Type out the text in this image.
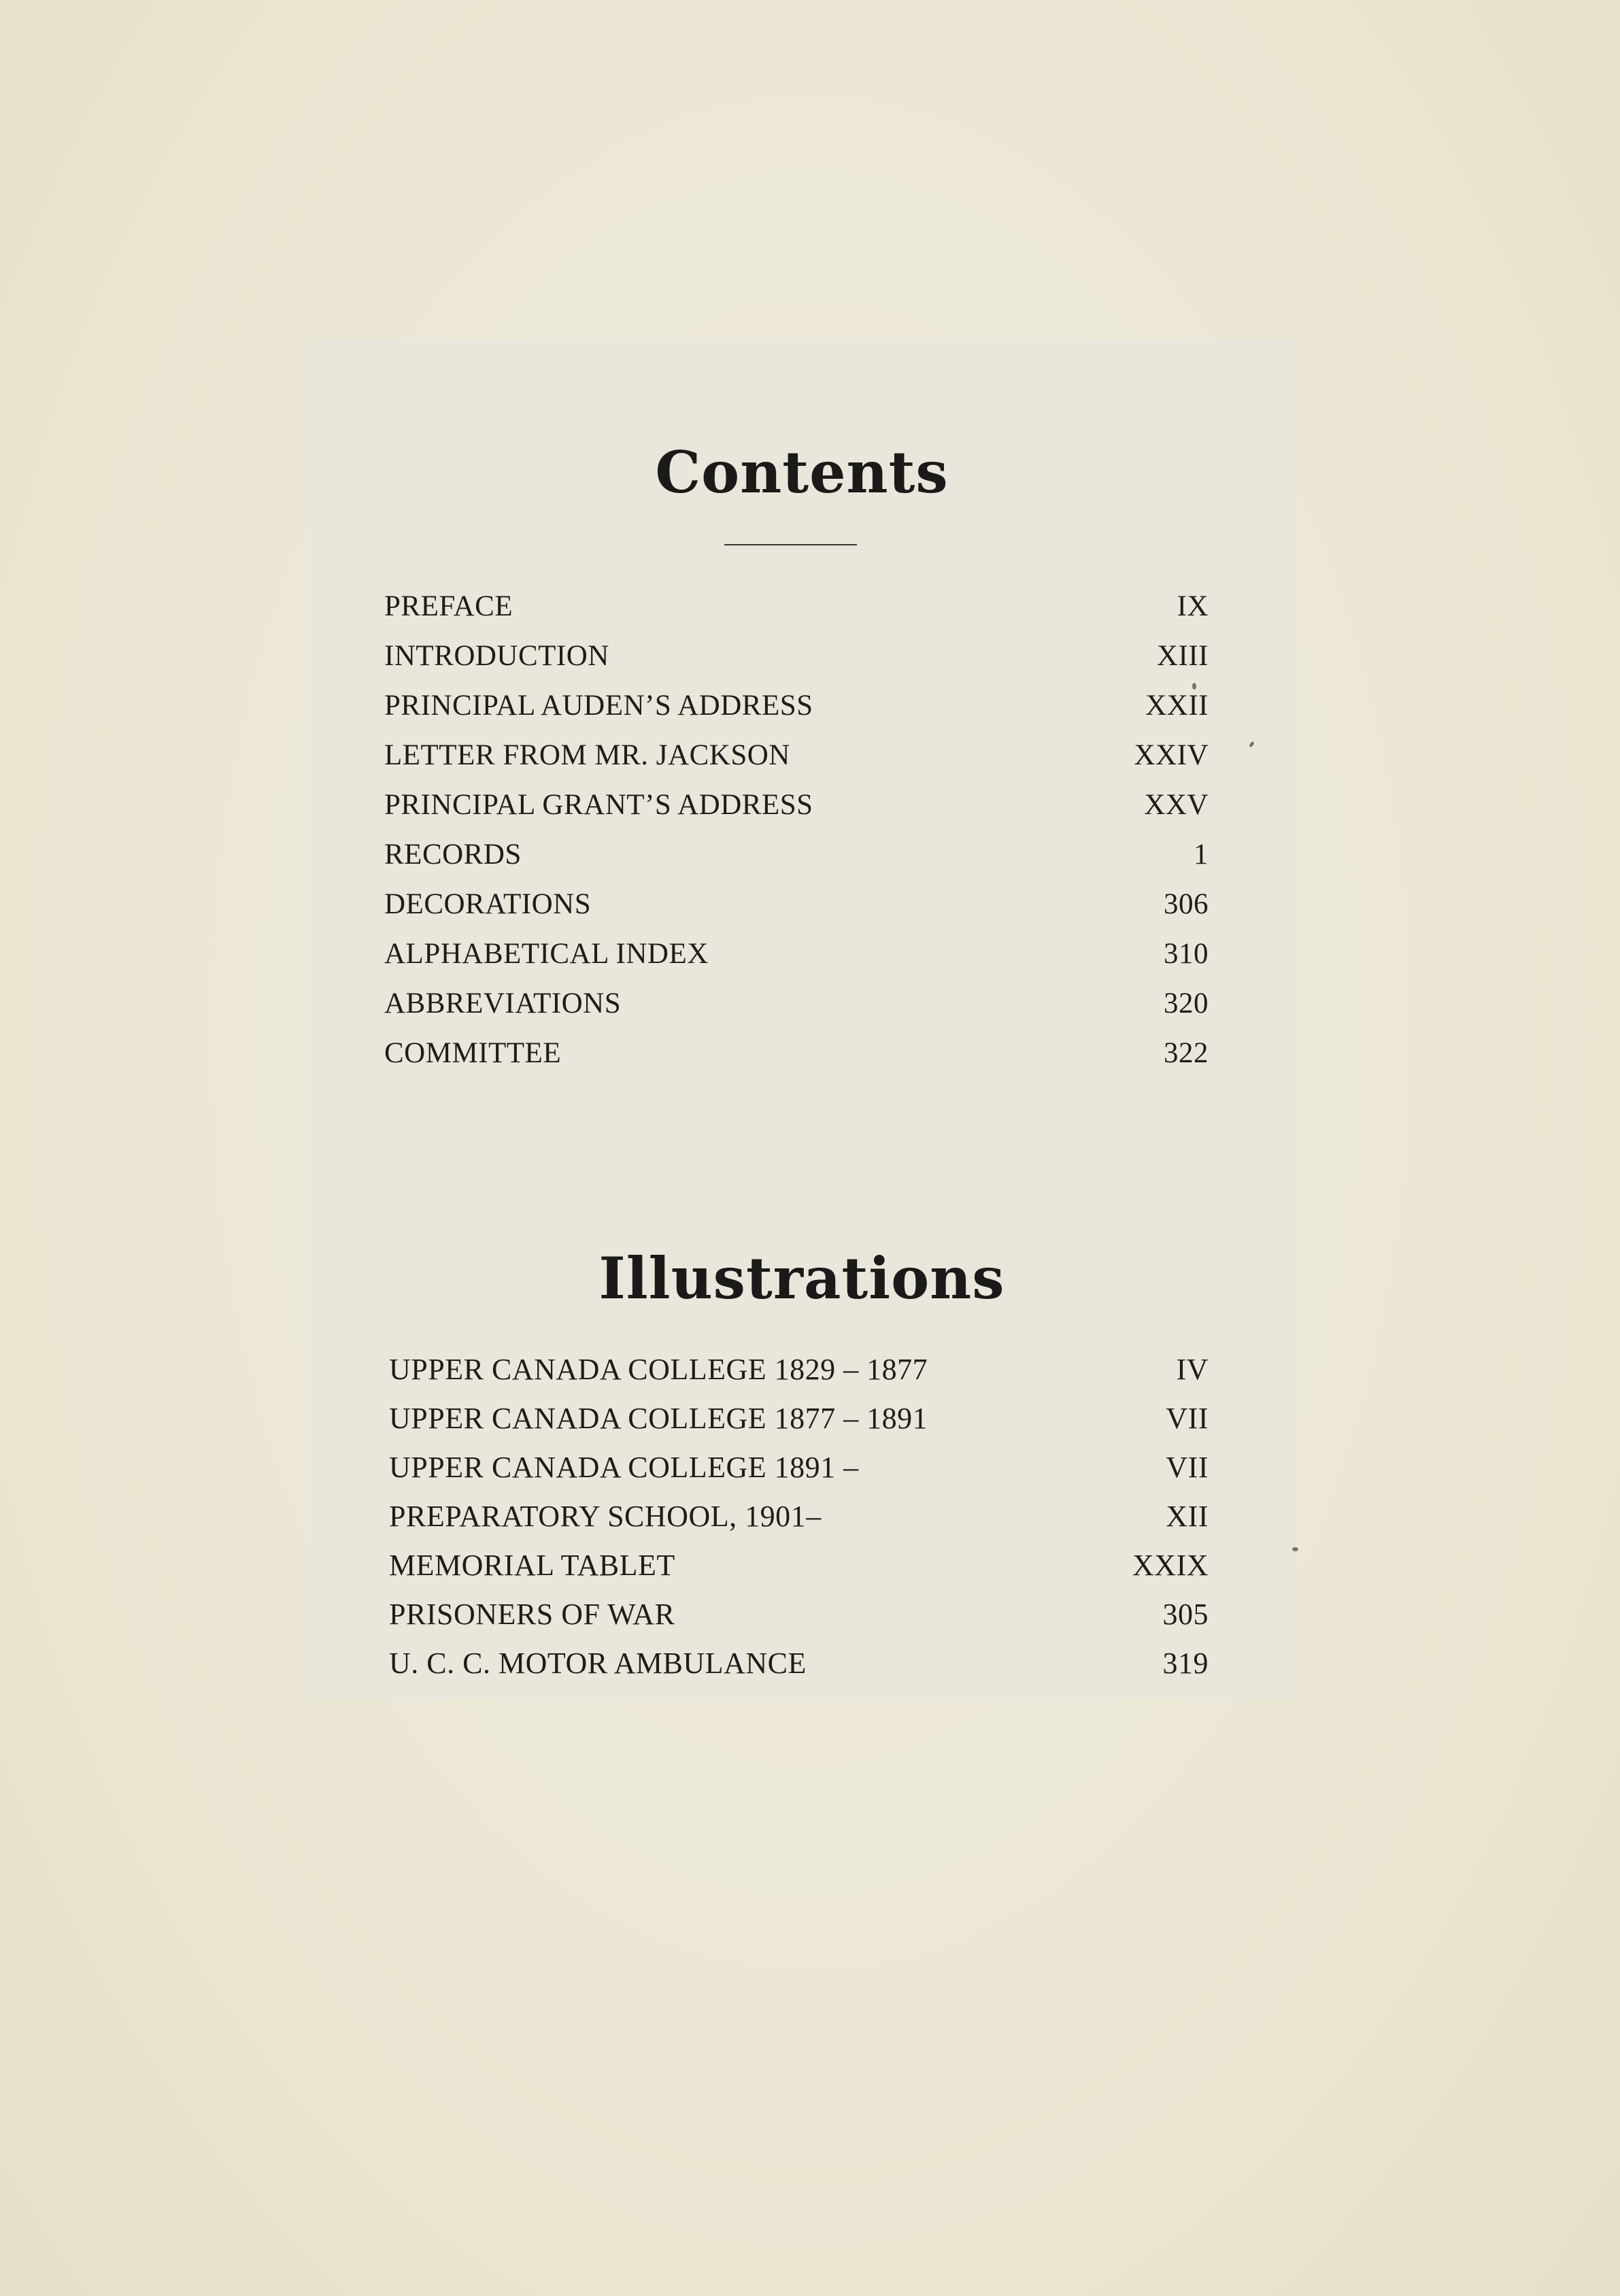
Contents
PREFACE	IX
INTRODUCTION	XIII
PRINCIPAL AUDEN’S ADDRESS	XXII
LETTER FROM MR. JACKSON	XXIV
PRINCIPAL GRANT’S ADDRESS	XXV
RECORDS	1
DECORATIONS	306
ALPHABETICAL INDEX	310
ABBREVIATIONS	320
COMMITTEE	322
Illustrations
UPPER CANADA COLLEGE 1829 – 1877	IV
UPPER CANADA COLLEGE 1877 – 1891	VII
UPPER CANADA COLLEGE 1891 –	VII
PREPARATORY SCHOOL, 1901–	XII
MEMORIAL TABLET	XXIX
PRISONERS OF WAR	305
U. C. C. MOTOR AMBULANCE	319
